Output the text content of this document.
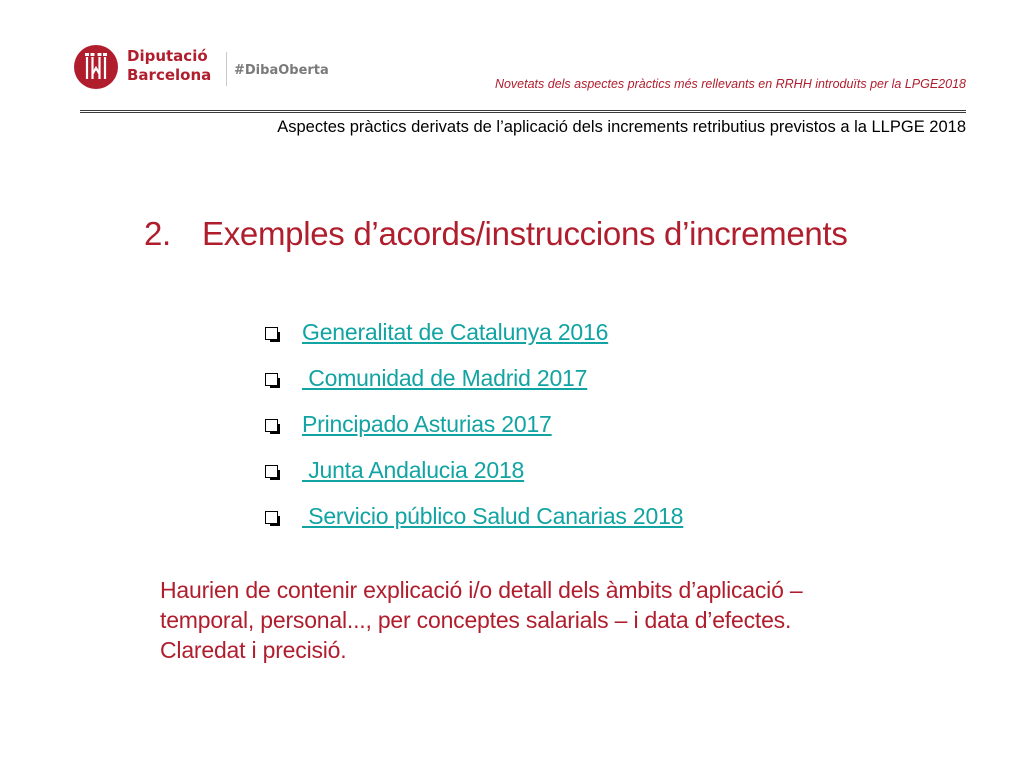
Diputació
Barcelona #DibaOberta
Novetats dels aspectes pràctics més rellevants en RRHH introduïts per la LPGE2018
Aspectes pràctics derivats de l’aplicació dels increments retributius previstos a la LLPGE 2018
2. Exemples d’acords/instruccions d’increments
Generalitat de Catalunya 2016
Comunidad de Madrid 2017
Principado Asturias 2017
Junta Andalucia 2018
Servicio público Salud Canarias 2018
Haurien de contenir explicació i/o detall dels àmbits d’aplicació –
temporal, personal..., per conceptes salarials – i data d’efectes.
Claredat i precisió.
